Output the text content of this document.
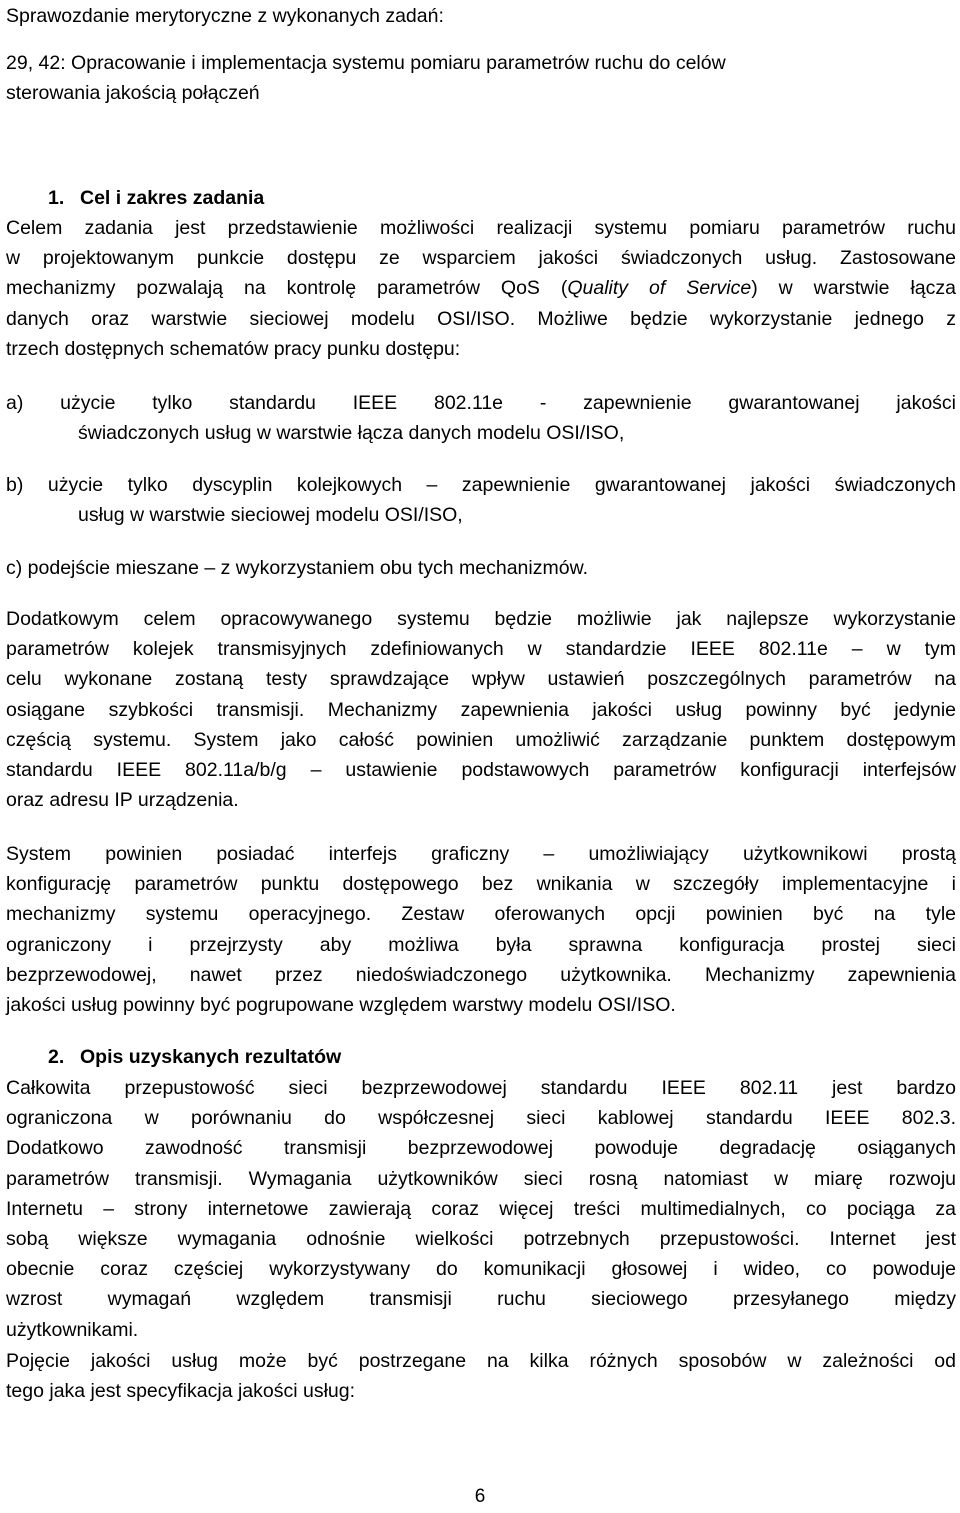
Sprawozdanie merytoryczne z wykonanych zadań:
29, 42: Opracowanie i implementacja systemu pomiaru parametrów ruchu do celów
sterowania jakością połączeń
1. Cel i zakres zadania
Celem zadania jest przedstawienie możliwości realizacji systemu pomiaru parametrów ruchu
w projektowanym punkcie dostępu ze wsparciem jakości świadczonych usług. Zastosowane
mechanizmy pozwalają na kontrolę parametrów QoS (Quality of Service) w warstwie łącza
danych oraz warstwie sieciowej modelu OSI/ISO. Możliwe będzie wykorzystanie jednego z
trzech dostępnych schematów pracy punku dostępu:
a) użycie tylko standardu IEEE 802.11e - zapewnienie gwarantowanej jakości
świadczonych usług w warstwie łącza danych modelu OSI/ISO,
b) użycie tylko dyscyplin kolejkowych – zapewnienie gwarantowanej jakości świadczonych
usług w warstwie sieciowej modelu OSI/ISO,
c) podejście mieszane – z wykorzystaniem obu tych mechanizmów.
Dodatkowym celem opracowywanego systemu będzie możliwie jak najlepsze wykorzystanie
parametrów kolejek transmisyjnych zdefiniowanych w standardzie IEEE 802.11e – w tym
celu wykonane zostaną testy sprawdzające wpływ ustawień poszczególnych parametrów na
osiągane szybkości transmisji. Mechanizmy zapewnienia jakości usług powinny być jedynie
częścią systemu. System jako całość powinien umożliwić zarządzanie punktem dostępowym
standardu IEEE 802.11a/b/g – ustawienie podstawowych parametrów konfiguracji interfejsów
oraz adresu IP urządzenia.
System powinien posiadać interfejs graficzny – umożliwiający użytkownikowi prostą
konfigurację parametrów punktu dostępowego bez wnikania w szczegóły implementacyjne i
mechanizmy systemu operacyjnego. Zestaw oferowanych opcji powinien być na tyle
ograniczony i przejrzysty aby możliwa była sprawna konfiguracja prostej sieci
bezprzewodowej, nawet przez niedoświadczonego użytkownika. Mechanizmy zapewnienia
jakości usług powinny być pogrupowane względem warstwy modelu OSI/ISO.
2. Opis uzyskanych rezultatów
Całkowita przepustowość sieci bezprzewodowej standardu IEEE 802.11 jest bardzo
ograniczona w porównaniu do współczesnej sieci kablowej standardu IEEE 802.3.
Dodatkowo zawodność transmisji bezprzewodowej powoduje degradację osiąganych
parametrów transmisji. Wymagania użytkowników sieci rosną natomiast w miarę rozwoju
Internetu – strony internetowe zawierają coraz więcej treści multimedialnych, co pociąga za
sobą większe wymagania odnośnie wielkości potrzebnych przepustowości. Internet jest
obecnie coraz częściej wykorzystywany do komunikacji głosowej i wideo, co powoduje
wzrost wymagań względem transmisji ruchu sieciowego przesyłanego między
użytkownikami.
Pojęcie jakości usług może być postrzegane na kilka różnych sposobów w zależności od
tego jaka jest specyfikacja jakości usług:
6
